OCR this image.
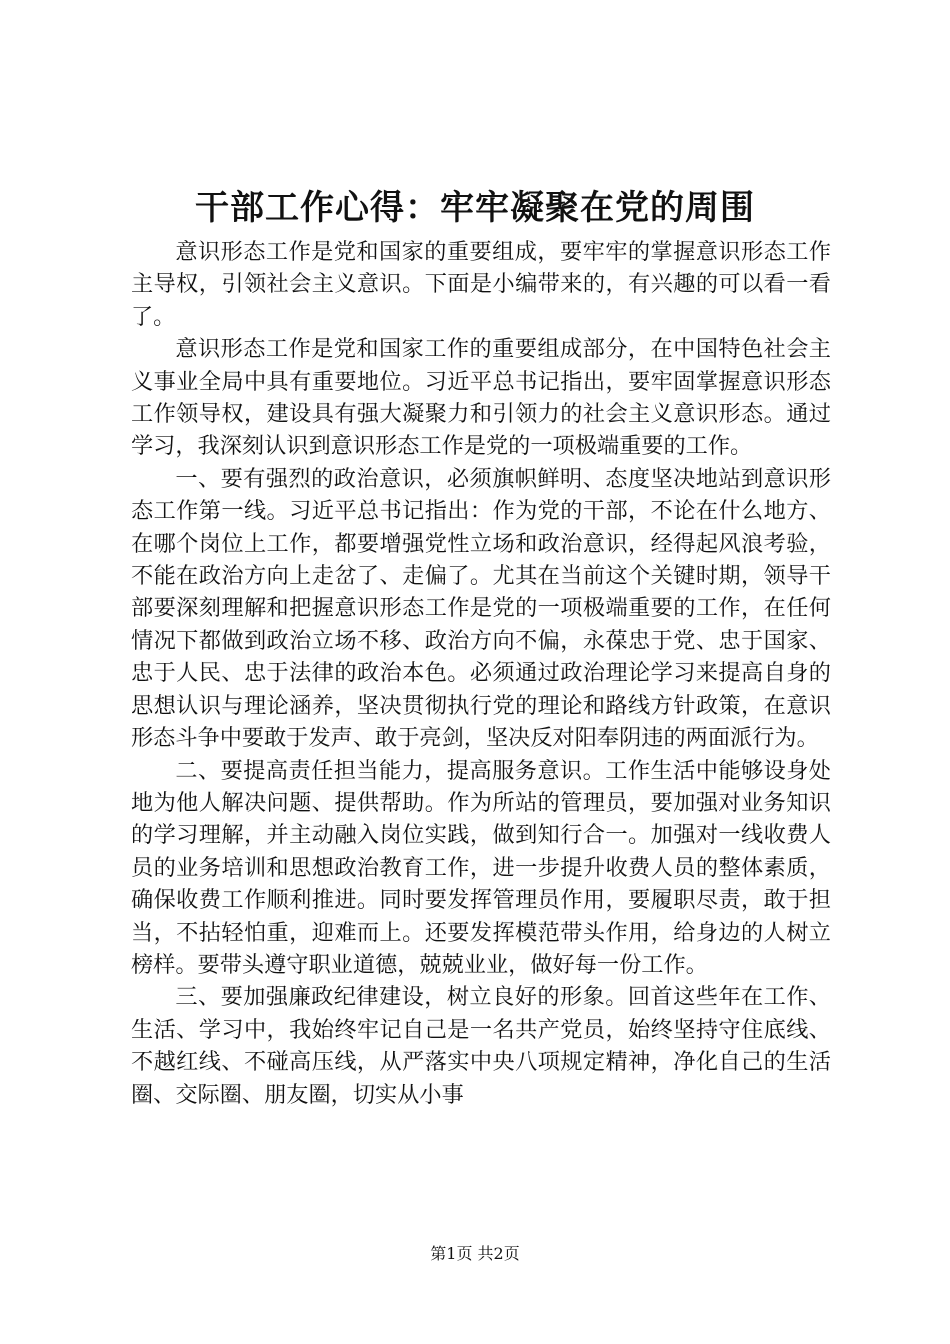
干部工作心得：牢牢凝聚在党的周围

意识形态工作是党和国家的重要组成，要牢牢的掌握意识形态工作主导权，引领社会主义意识。下面是小编带来的，有兴趣的可以看一看了。

意识形态工作是党和国家工作的重要组成部分，在中国特色社会主义事业全局中具有重要地位。习近平总书记指出，要牢固掌握意识形态工作领导权，建设具有强大凝聚力和引领力的社会主义意识形态。通过学习，我深刻认识到意识形态工作是党的一项极端重要的工作。

一、要有强烈的政治意识，必须旗帜鲜明、态度坚决地站到意识形态工作第一线。习近平总书记指出：作为党的干部，不论在什么地方、在哪个岗位上工作，都要增强党性立场和政治意识，经得起风浪考验，不能在政治方向上走岔了、走偏了。尤其在当前这个关键时期，领导干部要深刻理解和把握意识形态工作是党的一项极端重要的工作，在任何情况下都做到政治立场不移、政治方向不偏，永葆忠于党、忠于国家、忠于人民、忠于法律的政治本色。必须通过政治理论学习来提高自身的思想认识与理论涵养，坚决贯彻执行党的理论和路线方针政策，在意识形态斗争中要敢于发声、敢于亮剑，坚决反对阳奉阴违的两面派行为。

二、要提高责任担当能力，提高服务意识。工作生活中能够设身处地为他人解决问题、提供帮助。作为所站的管理员，要加强对业务知识的学习理解，并主动融入岗位实践，做到知行合一。加强对一线收费人员的业务培训和思想政治教育工作，进一步提升收费人员的整体素质，确保收费工作顺利推进。同时要发挥管理员作用，要履职尽责，敢于担当，不拈轻怕重，迎难而上。还要发挥模范带头作用，给身边的人树立榜样。要带头遵守职业道德，兢兢业业，做好每一份工作。

三、要加强廉政纪律建设，树立良好的形象。回首这些年在工作、生活、学习中，我始终牢记自己是一名共产党员，始终坚持守住底线、不越红线、不碰高压线，从严落实中央八项规定精神，净化自己的生活圈、交际圈、朋友圈，切实从小事

第1页 共2页
